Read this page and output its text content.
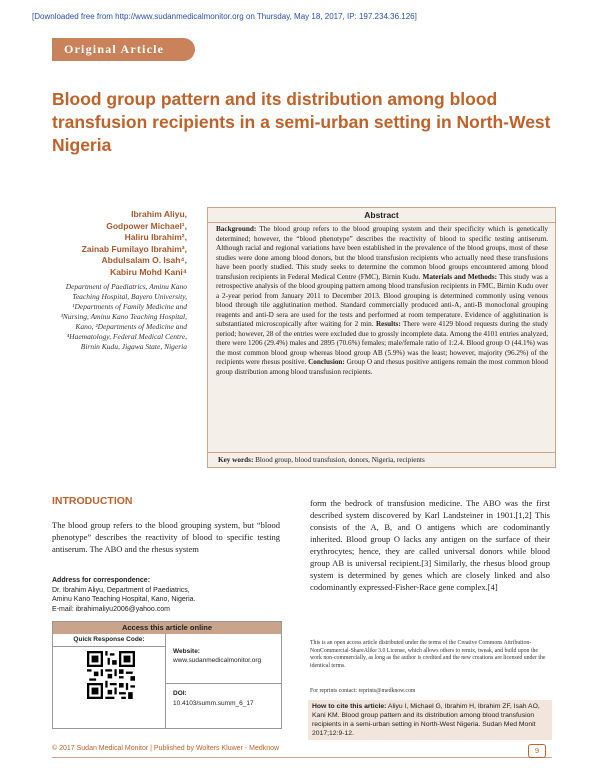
[Downloaded free from http://www.sudanmedicalmonitor.org on Thursday, May 18, 2017, IP: 197.234.36.126]
Original Article
Blood group pattern and its distribution among blood transfusion recipients in a semi-urban setting in North-West Nigeria
Ibrahim Aliyu,
Godpower Michael¹,
Haliru Ibrahim²,
Zainab Fumilayo Ibrahim³,
Abdulsalam O. Isah⁴,
Kabiru Mohd Kani⁴
Department of Paediatrics, Aminu Kano Teaching Hospital, Bayero University, ¹Departments of Family Medicine and ³Nursing, Aminu Kano Teaching Hospital, Kano, ²Departments of Medicine and ⁴Haematology, Federal Medical Centre, Birnin Kudu, Jigawa State, Nigeria
Abstract

Background: The blood group refers to the blood grouping system and their specificity which is genetically determined; however, the “blood phenotype” describes the reactivity of blood to specific testing antiserum. Although racial and regional variations have been established in the prevalence of the blood groups, most of these studies were done among blood donors, but the blood transfusion recipients who actually need these transfusions have been poorly studied. This study seeks to determine the common blood groups encountered among blood transfusion recipients in Federal Medical Centre (FMC), Birnin Kudu. Materials and Methods: This study was a retrospective analysis of the blood grouping pattern among blood transfusion recipients in FMC, Birnin Kudu over a 2-year period from January 2011 to December 2013. Blood grouping is determined commonly using venous blood through tile agglutination method. Standard commercially produced anti-A, anti-B monoclonal grouping reagents and anti-D sera are used for the tests and performed at room temperature. Evidence of agglutination is substantiated microscopically after waiting for 2 min. Results: There were 4129 blood requests during the study period; however, 28 of the entries were excluded due to grossly incomplete data. Among the 4101 entries analyzed, there were 1206 (29.4%) males and 2895 (70.6%) females; male/female ratio of 1:2.4. Blood group O (44.1%) was the most common blood group whereas blood group AB (5.9%) was the least; however, majority (96.2%) of the recipients were rhesus positive. Conclusion: Group O and rhesus positive antigens remain the most common blood group distribution among blood transfusion recipients.

Key words: Blood group, blood transfusion, donors, Nigeria, recipients
INTRODUCTION

The blood group refers to the blood grouping system, but “blood phenotype” describes the reactivity of blood to specific testing antiserum. The ABO and the rhesus system

form the bedrock of transfusion medicine. The ABO was the first described system discovered by Karl Landsteiner in 1901.[1,2] This consists of the A, B, and O antigens which are codominantly inherited. Blood group O lacks any antigen on the surface of their erythrocytes; hence, they are called universal donors while blood group AB is universal recipient.[3] Similarly, the rhesus blood group system is determined by genes which are closely linked and also codominantly expressed-Fisher-Race gene complex.[4]

Address for correspondence:
Dr. Ibrahim Aliyu, Department of Paediatrics,
Aminu Kano Teaching Hospital, Kano, Nigeria.
E-mail: ibrahimaliyu2006@yahoo.com
Access this article online
Quick Response Code:
Website:
www.sudanmedicalmonitor.org
DOI:
10.4103/summ.summ_6_17
This is an open access article distributed under the terms of the Creative Commons Attribution-NonCommercial-ShareAlike 3.0 License, which allows others to remix, tweak, and build upon the work non-commercially, as long as the author is credited and the new creations are licensed under the identical terms.
For reprints contact: reprints@medknow.com
How to cite this article: Aliyu I, Michael G, Ibrahim H, Ibrahim ZF, Isah AO, Kani KM. Blood group pattern and its distribution among blood transfusion recipients in a semi-urban setting in North-West Nigeria. Sudan Med Monit 2017;12:9-12.
© 2017 Sudan Medical Monitor | Published by Wolters Kluwer - Medknow	9
